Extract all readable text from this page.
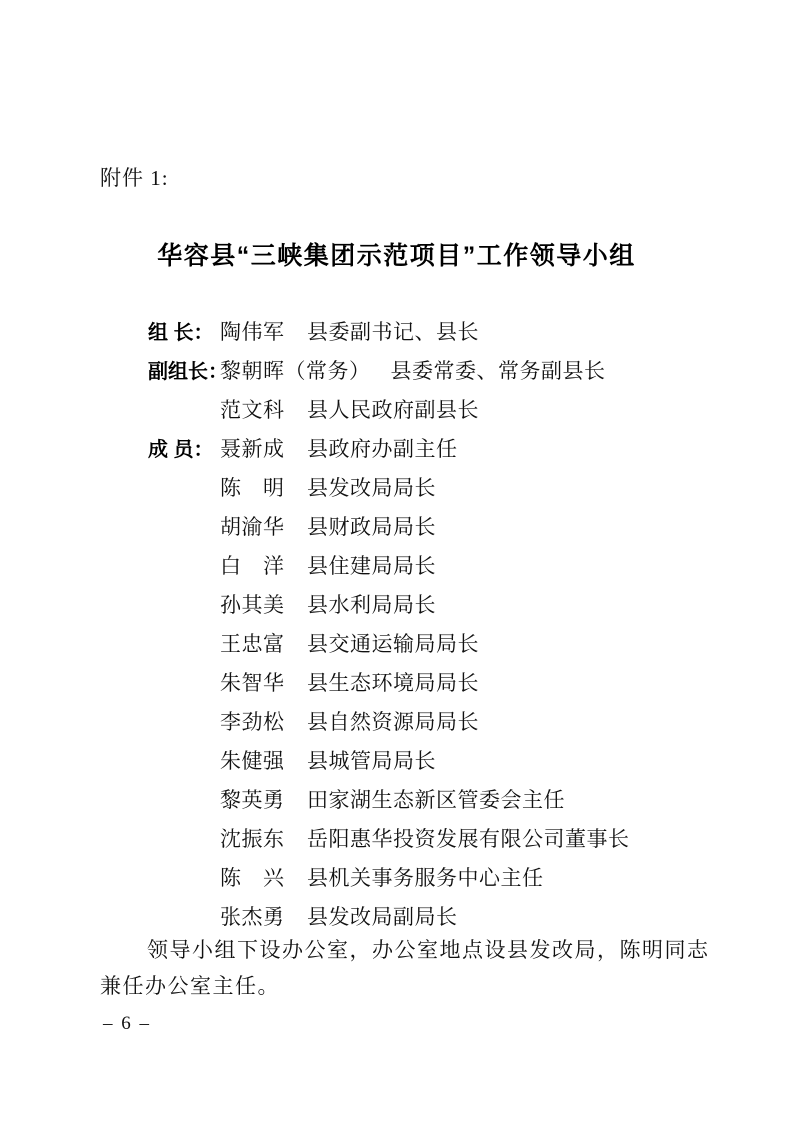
附件 1:
华容县“三峡集团示范项目”工作领导小组
组 长： 陶伟军 县委副书记、县长
副组长：
黎朝晖（常务） 县委常委、常务副县长
范文科 县人民政府副县长
成 员： 聂新成 县政府办副主任
陈　明 县发改局局长
胡渝华 县财政局局长
白　洋 县住建局局长
孙其美 县水利局局长
王忠富 县交通运输局局长
朱智华 县生态环境局局长
李劲松 县自然资源局局长
朱健强 县城管局局长
黎英勇 田家湖生态新区管委会主任
沈振东 岳阳惠华投资发展有限公司董事长
陈　兴 县机关事务服务中心主任
张杰勇 县发改局副局长

领导小组下设办公室，办公室地点设县发改局，陈明同志
兼任办公室主任。

– 6 –
